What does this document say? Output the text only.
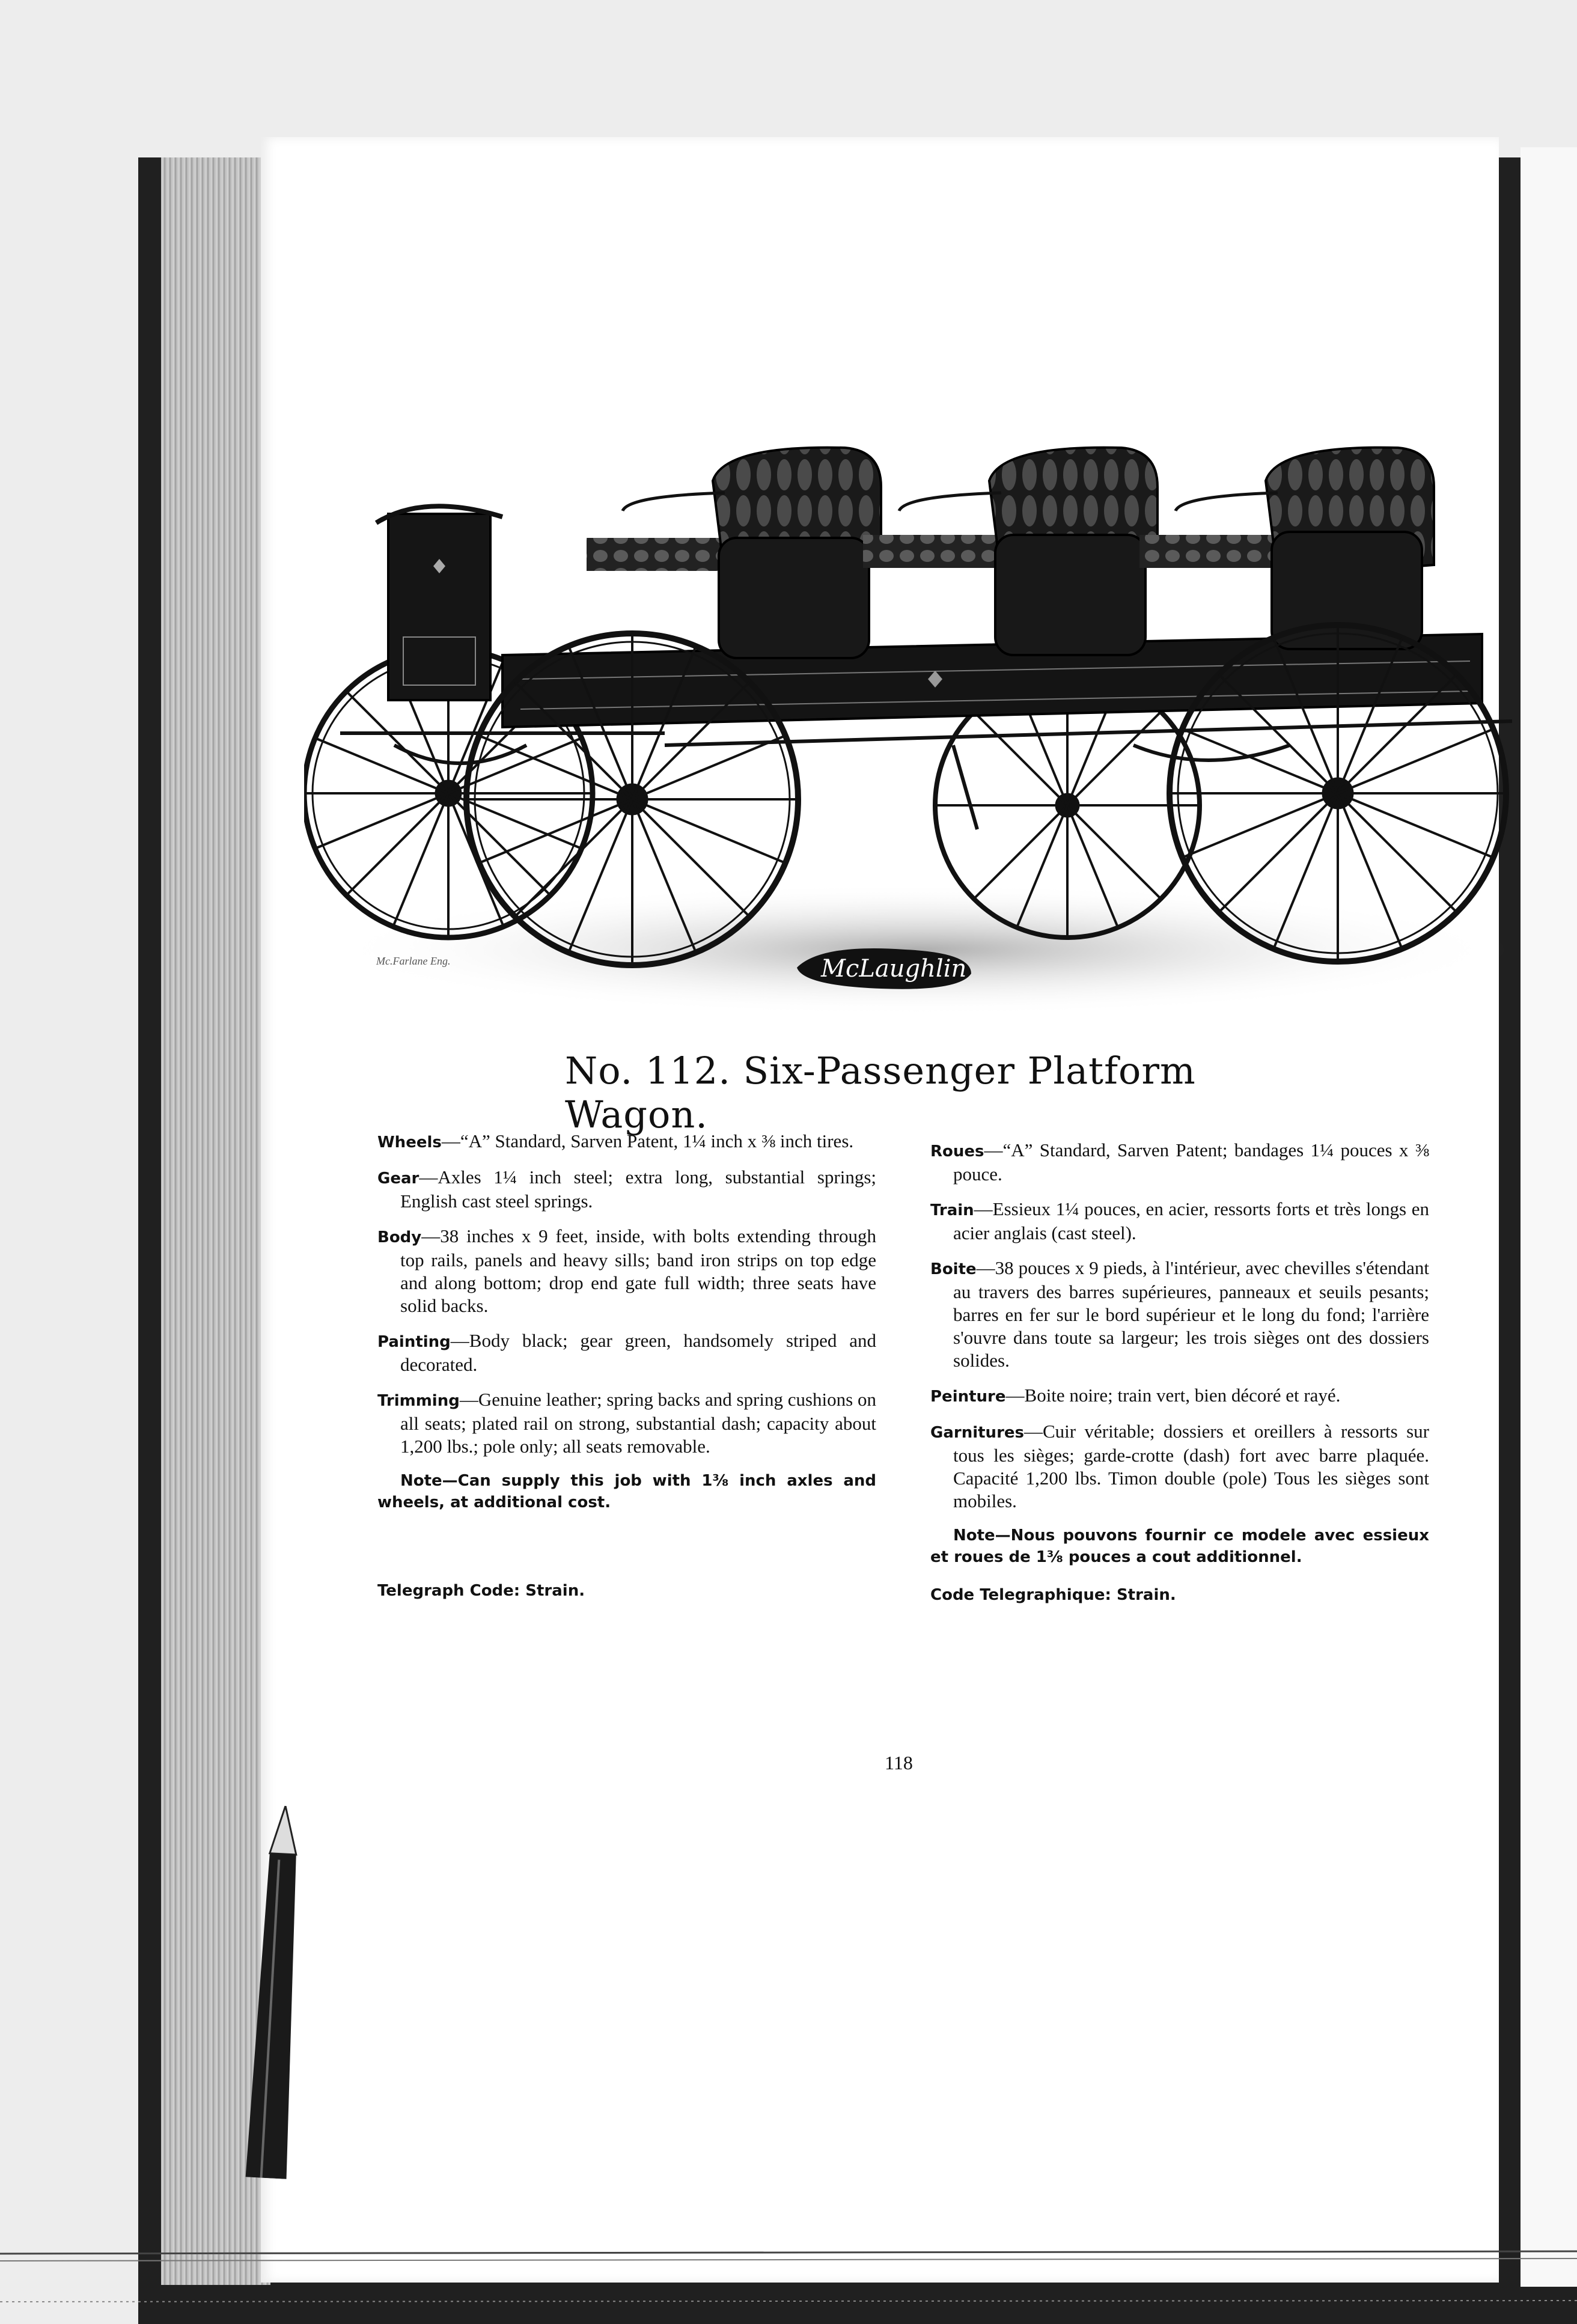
McLaughlin
Mc.Farlane Eng.
No. 112. Six-Passenger Platform Wagon.

Wheels—“A” Standard, Sarven Patent, 1¼ inch x ⅜ inch tires.

Gear—Axles 1¼ inch steel; extra long, substantial springs; English cast steel springs.

Body—38 inches x 9 feet, inside, with bolts extending through top rails, panels and heavy sills; band iron strips on top edge and along bottom; drop end gate full width; three seats have solid backs.

Painting—Body black; gear green, handsomely striped and decorated.

Trimming—Genuine leather; spring backs and spring cushions on all seats; plated rail on strong, substantial dash; capacity about 1,200 lbs.; pole only; all seats removable.

Note—Can supply this job with 1⅜ inch axles and wheels, at additional cost.

Telegraph Code: Strain.

Roues—“A” Standard, Sarven Patent; bandages 1¼ pouces x ⅜ pouce.

Train—Essieux 1¼ pouces, en acier, ressorts forts et très longs en acier anglais (cast steel).

Boite—38 pouces x 9 pieds, à l'intérieur, avec chevilles s'étendant au travers des barres supérieures, panneaux et seuils pesants; barres en fer sur le bord supérieur et le long du fond; l'arrière s'ouvre dans toute sa largeur; les trois sièges ont des dossiers solides.

Peinture—Boite noire; train vert, bien décoré et rayé.

Garnitures—Cuir véritable; dossiers et oreillers à ressorts sur tous les sièges; garde-crotte (dash) fort avec barre plaquée. Capacité 1,200 lbs. Timon double (pole) Tous les sièges sont mobiles.

Note—Nous pouvons fournir ce modele avec essieux et roues de 1⅜ pouces a cout additionnel.

Code Telegraphique: Strain.

118
